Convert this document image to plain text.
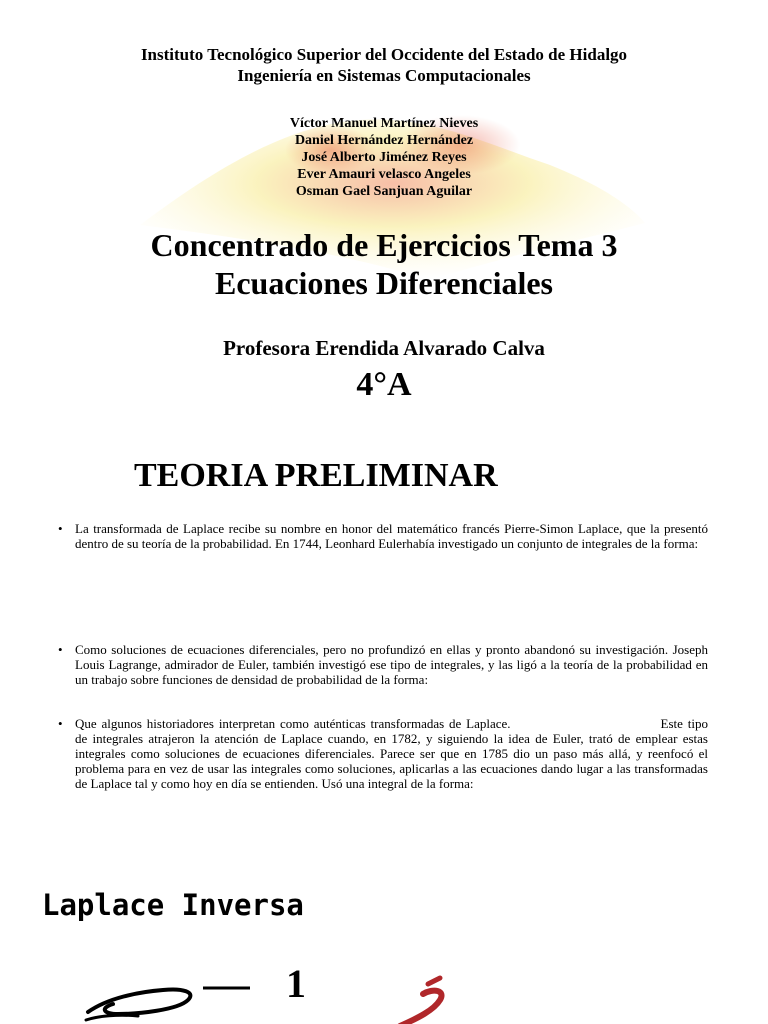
Instituto Tecnológico Superior del Occidente del Estado de Hidalgo
Ingeniería en Sistemas Computacionales
Víctor Manuel Martínez Nieves
Daniel Hernández Hernández
José Alberto Jiménez Reyes
Ever Amauri velasco Angeles
Osman Gael Sanjuan Aguilar
Concentrado de Ejercicios Tema 3
Ecuaciones Diferenciales
Profesora Erendida Alvarado Calva
4°A
TEORIA PRELIMINAR
• La transformada de Laplace recibe su nombre en honor del matemático francés Pierre-Simon Laplace, que la presentó dentro de su teoría de la probabilidad. En 1744, Leonhard Eulerhabía investigado un conjunto de integrales de la forma:
• Como soluciones de ecuaciones diferenciales, pero no profundizó en ellas y pronto abandonó su investigación. Joseph Louis Lagrange, admirador de Euler, también investigó ese tipo de integrales, y las ligó a la teoría de la probabilidad en un trabajo sobre funciones de densidad de probabilidad de la forma:
• Que algunos historiadores interpretan como auténticas transformadas de Laplace.	Este tipo de integrales atrajeron la atención de Laplace cuando, en 1782, y siguiendo la idea de Euler, trató de emplear estas integrales como soluciones de ecuaciones diferenciales. Parece ser que en 1785 dio un paso más allá, y reenfocó el problema para en vez de usar las integrales como soluciones, aplicarlas a las ecuaciones dando lugar a las transformadas de Laplace tal y como hoy en día se entienden. Usó una integral de la forma:
Laplace Inversa
1
